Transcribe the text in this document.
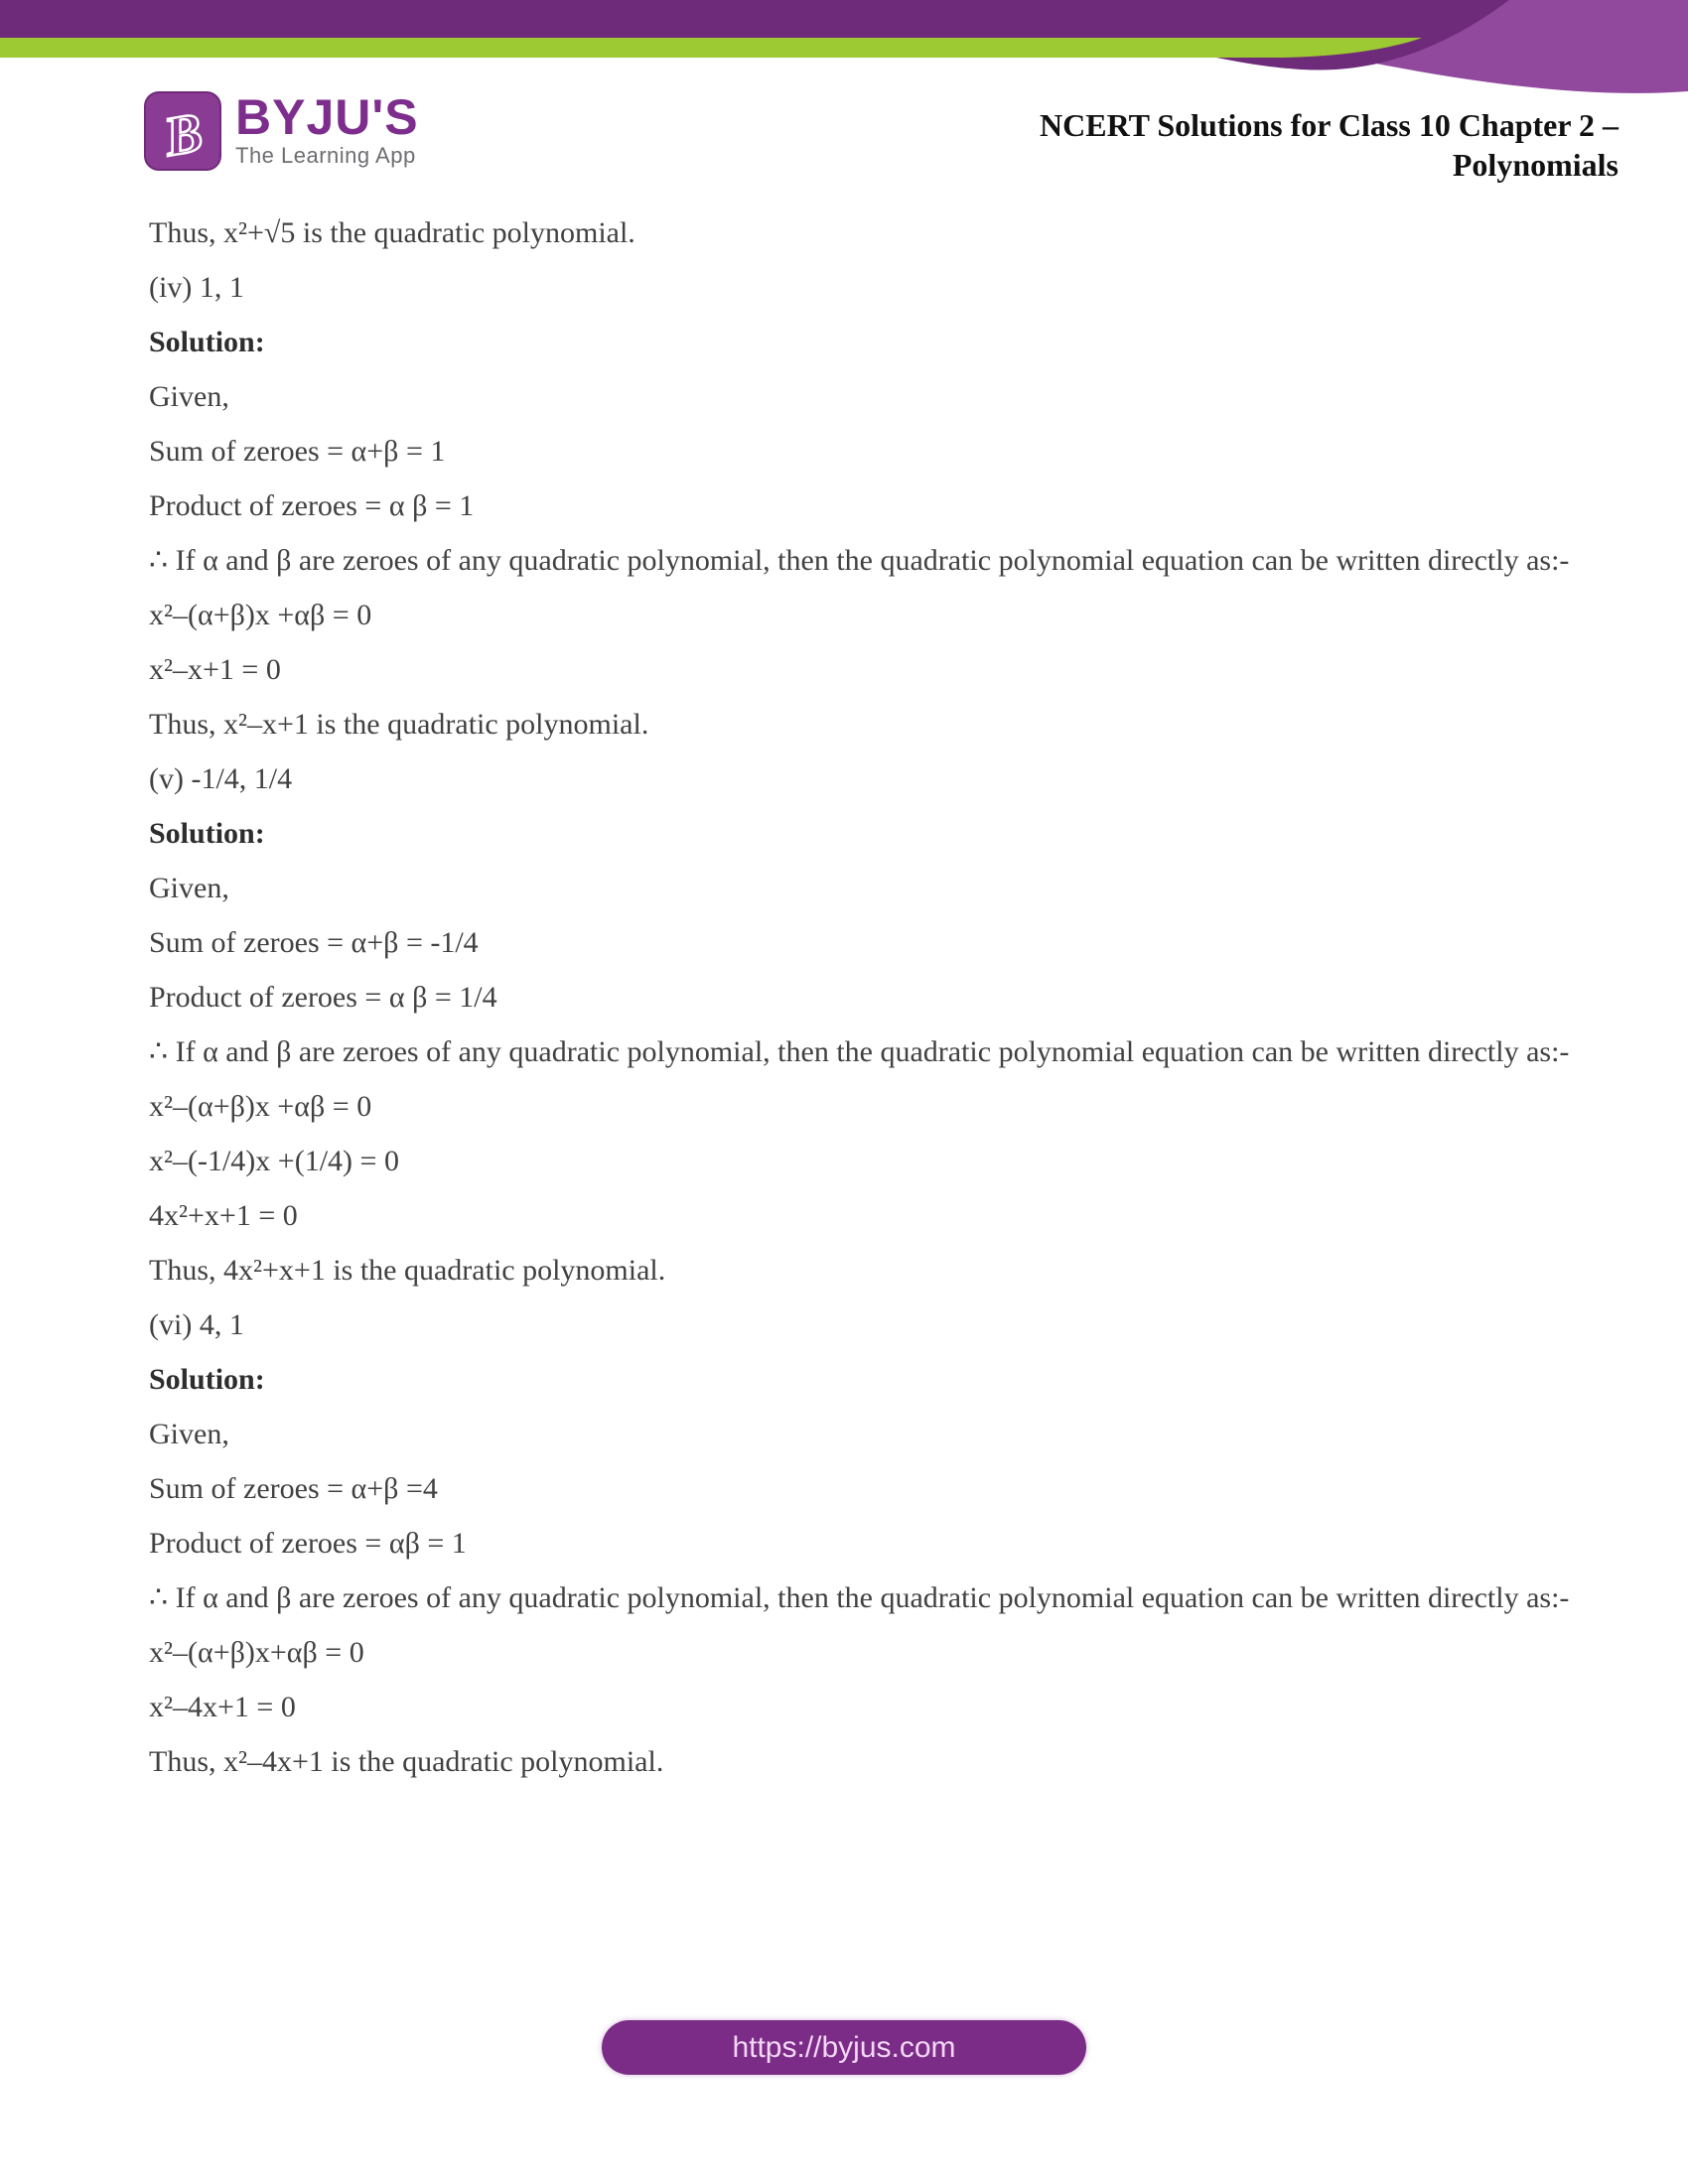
B BYJU'S
The Learning App
NCERT Solutions for Class 10 Chapter 2 –
Polynomials
Thus, x²+√5 is the quadratic polynomial.
(iv) 1, 1
Solution:
Given,
Sum of zeroes = α+β = 1
Product of zeroes = α β = 1
∴ If α and β are zeroes of any quadratic polynomial, then the quadratic polynomial equation can be written directly as:-
x²–(α+β)x +αβ = 0
x²–x+1 = 0
Thus, x²–x+1 is the quadratic polynomial.
(v) -1/4, 1/4
Solution:
Given,
Sum of zeroes = α+β = -1/4
Product of zeroes = α β = 1/4
∴ If α and β are zeroes of any quadratic polynomial, then the quadratic polynomial equation can be written directly as:-
x²–(α+β)x +αβ = 0
x²–(-1/4)x +(1/4) = 0
4x²+x+1 = 0
Thus, 4x²+x+1 is the quadratic polynomial.
(vi) 4, 1
Solution:
Given,
Sum of zeroes = α+β =4
Product of zeroes = αβ = 1
∴ If α and β are zeroes of any quadratic polynomial, then the quadratic polynomial equation can be written directly as:-
x²–(α+β)x+αβ = 0
x²–4x+1 = 0
Thus, x²–4x+1 is the quadratic polynomial.
https://byjus.com
